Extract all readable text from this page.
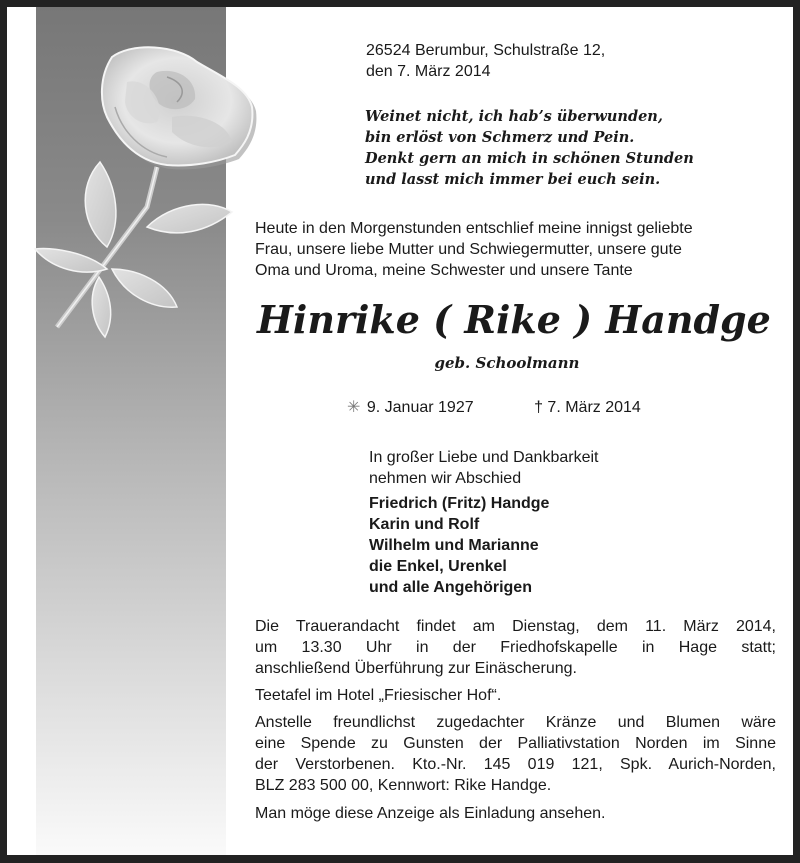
26524 Berumbur, Schulstraße 12,
den 7. März 2014
Weinet nicht, ich hab’s überwunden,
bin erlöst von Schmerz und Pein.
Denkt gern an mich in schönen Stunden
und lasst mich immer bei euch sein.
Heute in den Morgenstunden entschlief meine innigst geliebte
Frau, unsere liebe Mutter und Schwiegermutter, unsere gute
Oma und Uroma, meine Schwester und unsere Tante
Hinrike ( Rike ) Handge
geb. Schoolmann
✳ 9. Januar 1927	† 7. März 2014
In großer Liebe und Dankbarkeit
nehmen wir Abschied
Friedrich (Fritz) Handge
Karin und Rolf
Wilhelm und Marianne
die Enkel, Urenkel
und alle Angehörigen
Die Trauerandacht findet am Dienstag, dem 11. März 2014,
um 13.30 Uhr in der Friedhofskapelle in Hage statt;
anschließend Überführung zur Einäscherung.
Teetafel im Hotel „Friesischer Hof“.
Anstelle freundlichst zugedachter Kränze und Blumen wäre
eine Spende zu Gunsten der Palliativstation Norden im Sinne
der Verstorbenen. Kto.-Nr. 145 019 121, Spk. Aurich-Norden,
BLZ 283 500 00, Kennwort: Rike Handge.
Man möge diese Anzeige als Einladung ansehen.
